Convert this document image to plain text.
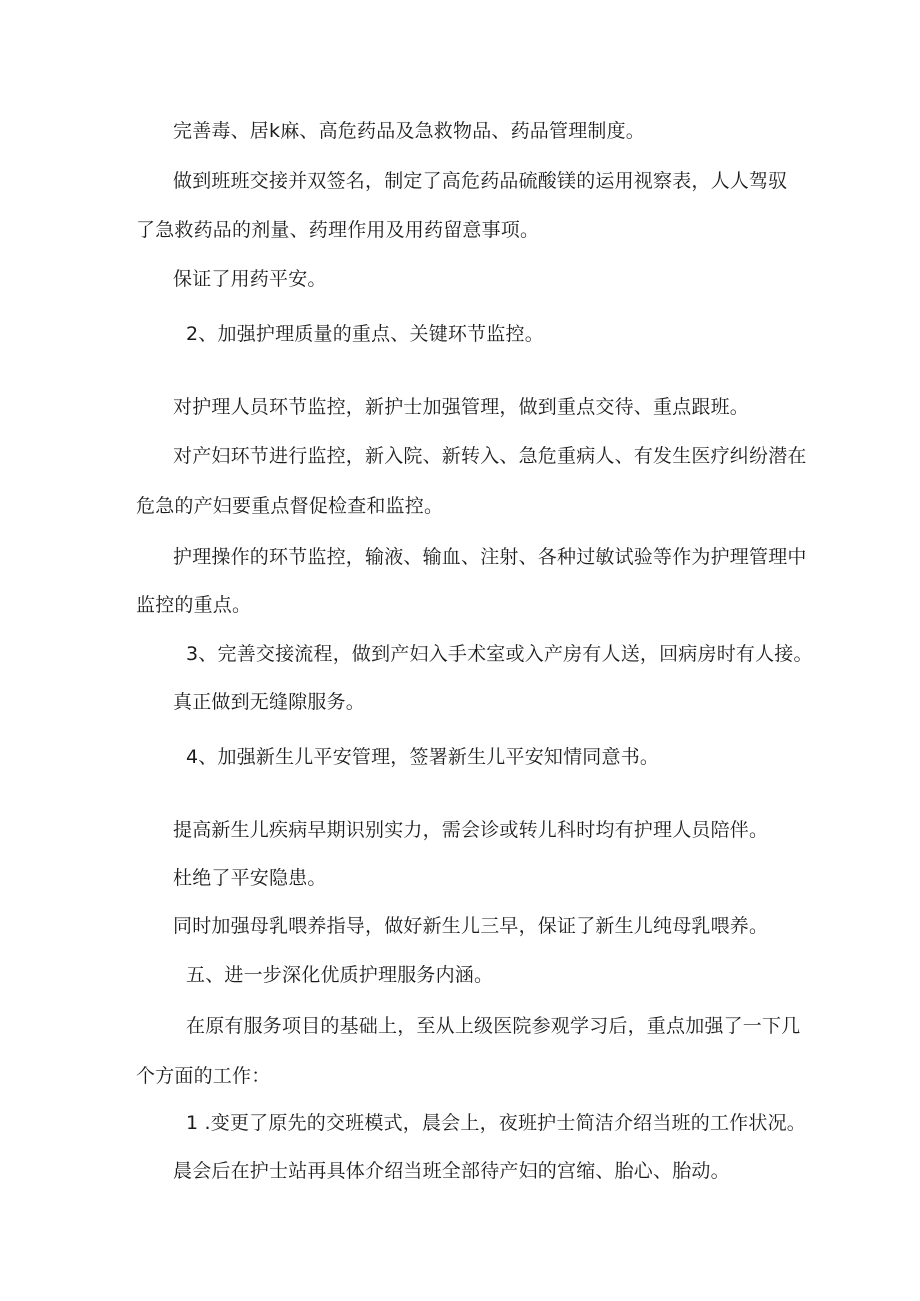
完善毒、居k麻、高危药品及急救物品、药品管理制度。
做到班班交接并双签名，制定了高危药品硫酸镁的运用视察表，人人驾驭
了急救药品的剂量、药理作用及用药留意事项。
保证了用药平安。
2、加强护理质量的重点、关键环节监控。
对护理人员环节监控，新护士加强管理，做到重点交待、重点跟班。
对产妇环节进行监控，新入院、新转入、急危重病人、有发生医疗纠纷潜在
危急的产妇要重点督促检查和监控。
护理操作的环节监控，输液、输血、注射、各种过敏试验等作为护理管理中
监控的重点。
3、完善交接流程，做到产妇入手术室或入产房有人送，回病房时有人接。
真正做到无缝隙服务。
4、加强新生儿平安管理，签署新生儿平安知情同意书。
提高新生儿疾病早期识别实力，需会诊或转儿科时均有护理人员陪伴。
杜绝了平安隐患。
同时加强母乳喂养指导，做好新生儿三早，保证了新生儿纯母乳喂养。
五、进一步深化优质护理服务内涵。
在原有服务项目的基础上，至从上级医院参观学习后，重点加强了一下几
个方面的工作：
1 .变更了原先的交班模式，晨会上，夜班护士简洁介绍当班的工作状况。
晨会后在护士站再具体介绍当班全部待产妇的宫缩、胎心、胎动。
